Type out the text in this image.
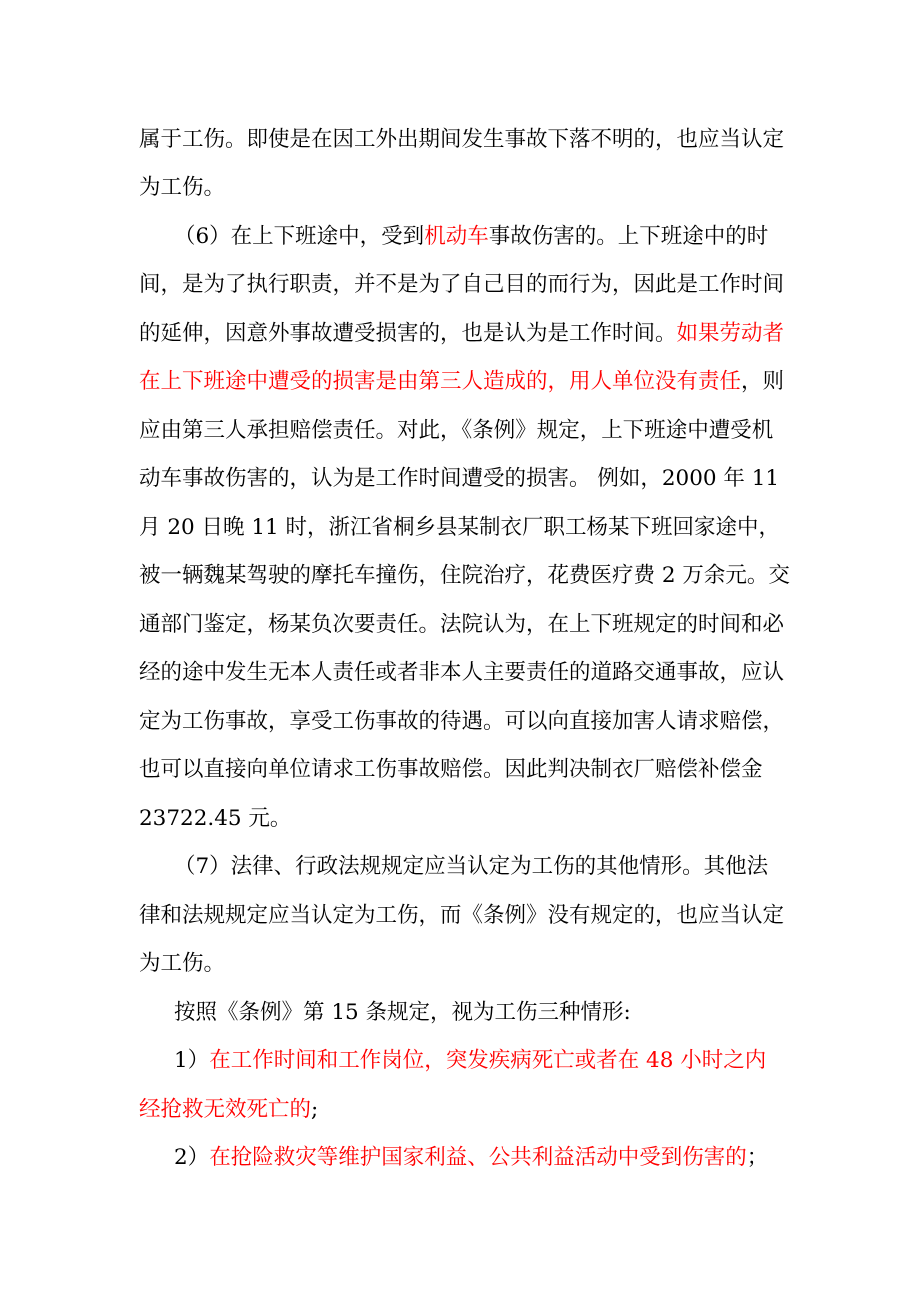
属于工伤。即使是在因工外出期间发生事故下落不明的，也应当认定
为工伤。
（6）在上下班途中，受到机动车事故伤害的。上下班途中的时
间，是为了执行职责，并不是为了自己目的而行为，因此是工作时间
的延伸，因意外事故遭受损害的，也是认为是工作时间。如果劳动者
在上下班途中遭受的损害是由第三人造成的，用人单位没有责任，则
应由第三人承担赔偿责任。对此，《条例》规定，上下班途中遭受机
动车事故伤害的，认为是工作时间遭受的损害。 例如，2000 年 11
月 20 日晚 11 时，浙江省桐乡县某制衣厂职工杨某下班回家途中，
被一辆魏某驾驶的摩托车撞伤，住院治疗，花费医疗费 2 万余元。交
通部门鉴定，杨某负次要责任。法院认为，在上下班规定的时间和必
经的途中发生无本人责任或者非本人主要责任的道路交通事故，应认
定为工伤事故，享受工伤事故的待遇。可以向直接加害人请求赔偿，
也可以直接向单位请求工伤事故赔偿。因此判决制衣厂赔偿补偿金
23722.45 元。
（7）法律、行政法规规定应当认定为工伤的其他情形。其他法
律和法规规定应当认定为工伤，而《条例》没有规定的，也应当认定
为工伤。
按照《条例》第 15 条规定，视为工伤三种情形:
1）在工作时间和工作岗位，突发疾病死亡或者在 48 小时之内
经抢救无效死亡的;
2）在抢险救灾等维护国家利益、公共利益活动中受到伤害的；
